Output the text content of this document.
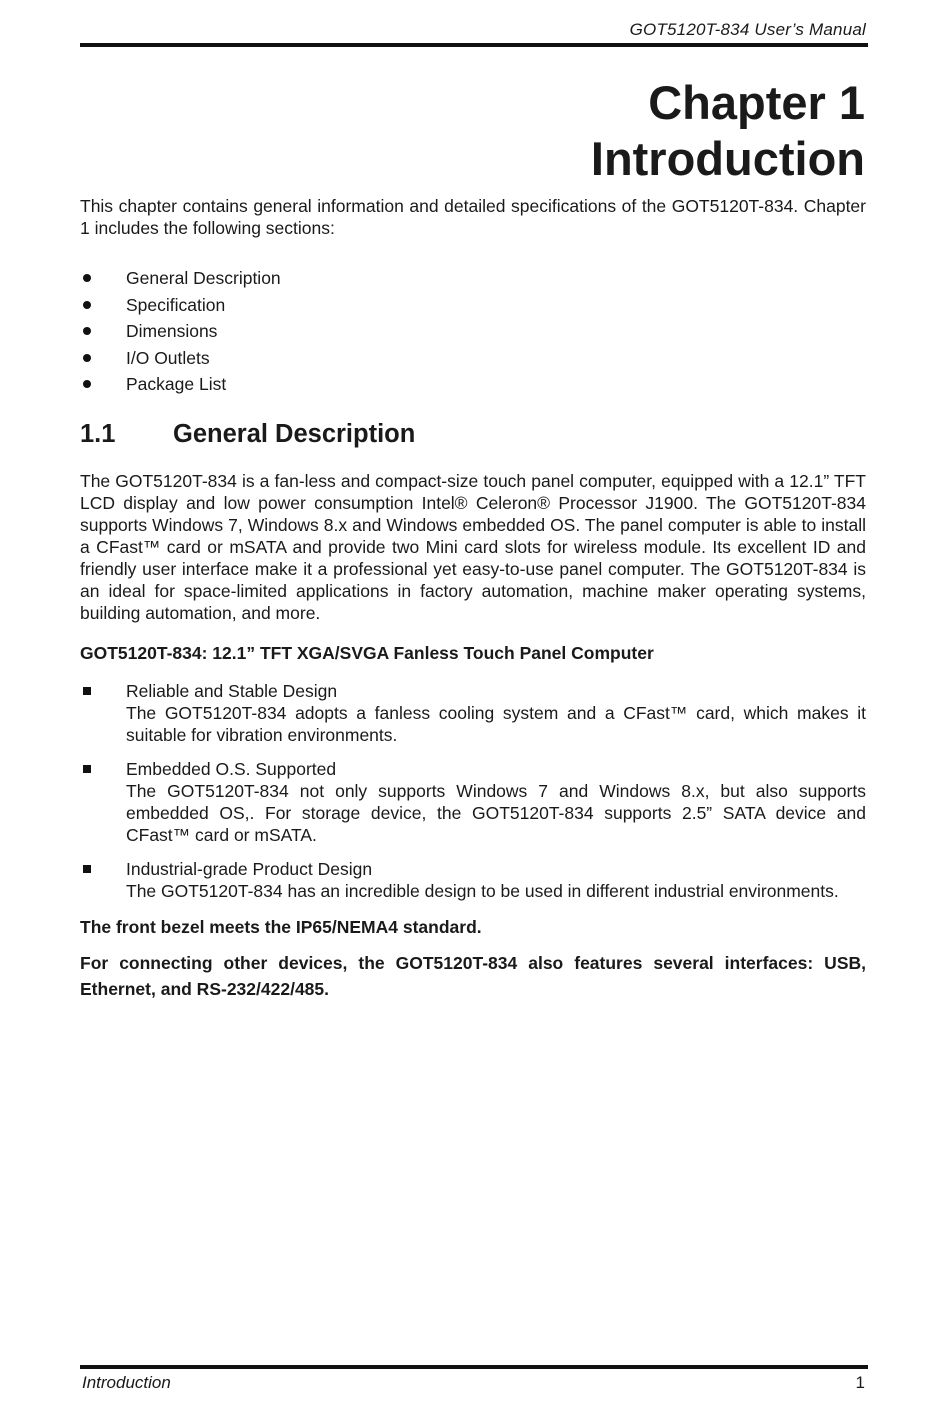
GOT5120T-834 User’s Manual
Chapter 1
Introduction

This chapter contains general information and detailed specifications of the GOT5120T-834. Chapter 1 includes the following sections:

General Description
Specification
Dimensions
I/O Outlets
Package List
1.1	General Description

The GOT5120T-834 is a fan-less and compact-size touch panel computer, equipped with a 12.1” TFT LCD display and low power consumption Intel® Celeron® Processor J1900. The GOT5120T-834 supports Windows 7, Windows 8.x and Windows embedded OS. The panel computer is able to install a CFast™ card or mSATA and provide two Mini card slots for wireless module. Its excellent ID and friendly user interface make it a professional yet easy-to-use panel computer. The GOT5120T-834 is an ideal for space-limited applications in factory automation, machine maker operating systems, building automation, and more.

GOT5120T-834: 12.1” TFT XGA/SVGA Fanless Touch Panel Computer

Reliable and Stable Design
The GOT5120T-834 adopts a fanless cooling system and a CFast™ card, which makes it suitable for vibration environments.
Embedded O.S. Supported
The GOT5120T-834 not only supports Windows 7 and Windows 8.x, but also supports embedded OS,. For storage device, the GOT5120T-834 supports 2.5” SATA device and CFast™ card or mSATA.
Industrial-grade Product Design
The GOT5120T-834 has an incredible design to be used in different industrial environments.

The front bezel meets the IP65/NEMA4 standard.

For connecting other devices, the GOT5120T-834 also features several interfaces: USB, Ethernet, and RS-232/422/485.

Introduction	1
